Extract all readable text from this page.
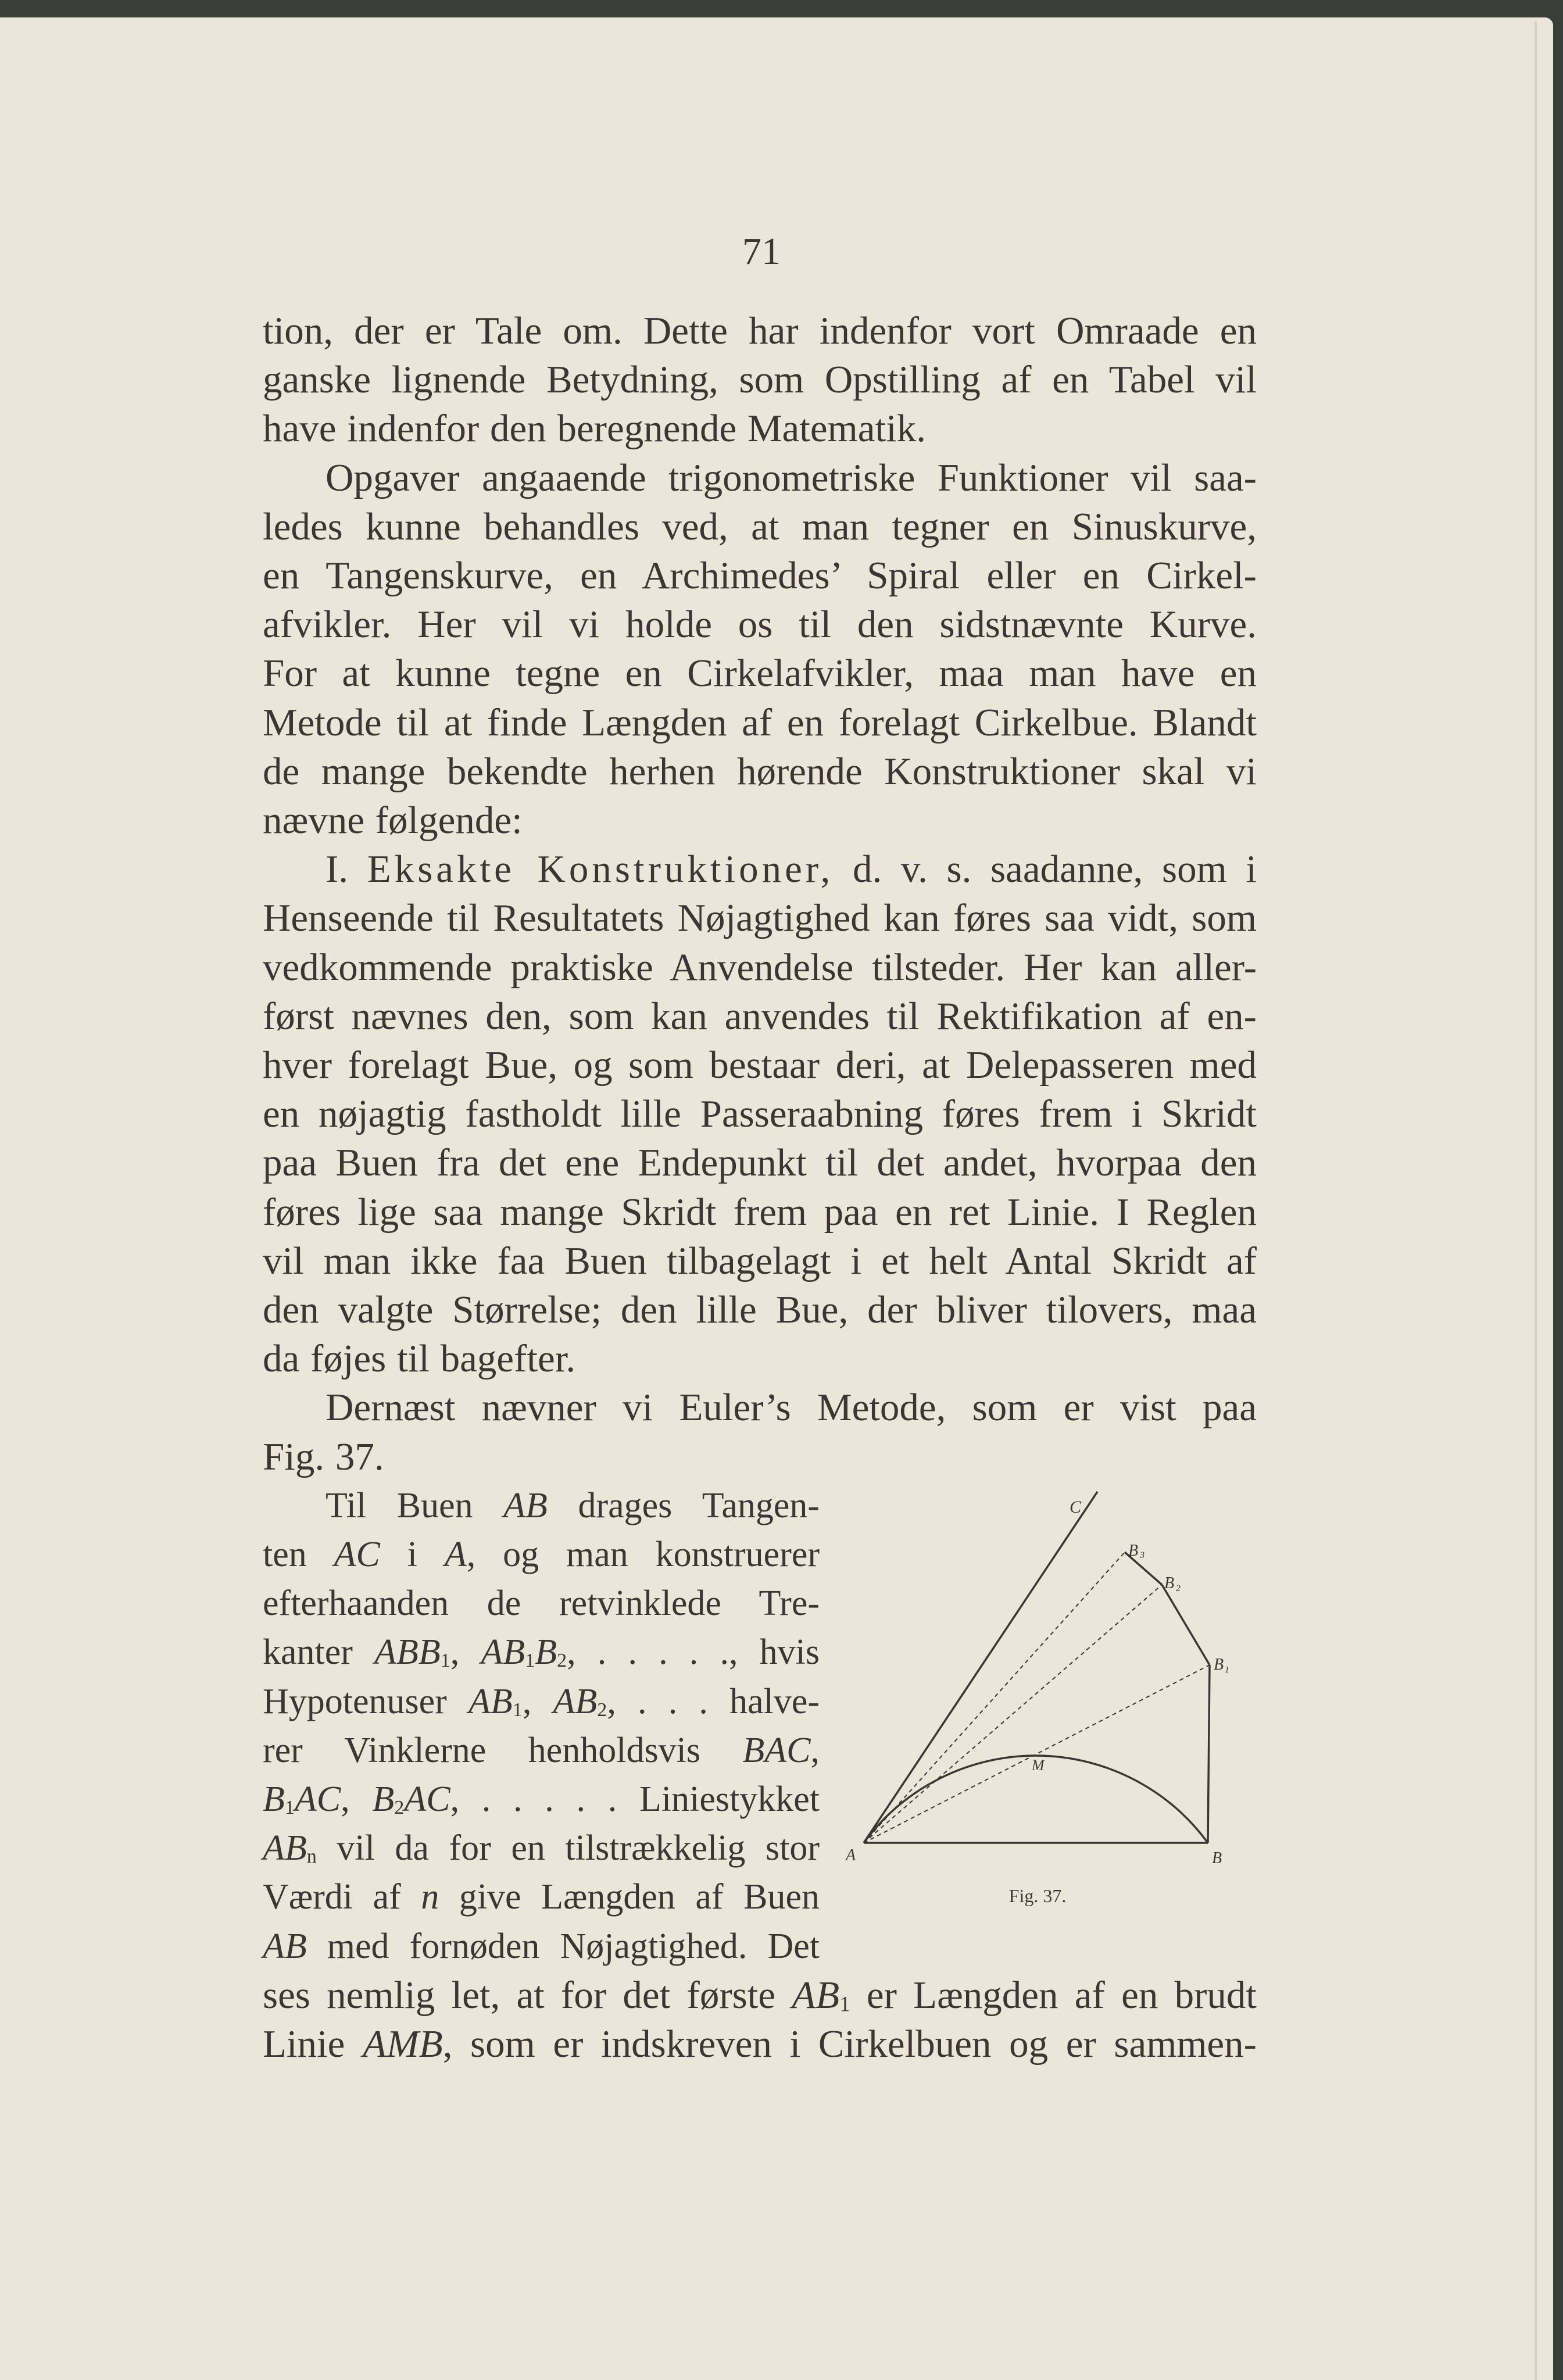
71
tion, der er Tale om. Dette har indenfor vort Omraade en
ganske lignende Betydning, som Opstilling af en Tabel vil
have indenfor den beregnende Matematik.
Opgaver angaaende trigonometriske Funktioner vil saa-
ledes kunne behandles ved, at man tegner en Sinuskurve,
en Tangenskurve, en Archimedes’ Spiral eller en Cirkel-
afvikler. Her vil vi holde os til den sidstnævnte Kurve.
For at kunne tegne en Cirkelafvikler, maa man have en
Metode til at finde Længden af en forelagt Cirkelbue. Blandt
de mange bekendte herhen hørende Konstruktioner skal vi
nævne følgende:
I. Eksakte Konstruktioner, d. v. s. saadanne, som i
Henseende til Resultatets Nøjagtighed kan føres saa vidt, som
vedkommende praktiske Anvendelse tilsteder. Her kan aller-
først nævnes den, som kan anvendes til Rektifikation af en-
hver forelagt Bue, og som bestaar deri, at Delepasseren med
en nøjagtig fastholdt lille Passeraabning føres frem i Skridt
paa Buen fra det ene Endepunkt til det andet, hvorpaa den
føres lige saa mange Skridt frem paa en ret Linie. I Reglen
vil man ikke faa Buen tilbagelagt i et helt Antal Skridt af
den valgte Størrelse; den lille Bue, der bliver tilovers, maa
da føjes til bagefter.
Dernæst nævner vi Euler’s Metode, som er vist paa
Fig. 37.
Til Buen AB drages Tangen-
ten AC i A, og man konstruerer
efterhaanden de retvinklede Tre-
kanter $ABB_1$, $AB_1B_2$, . . . . ., hvis
Hypotenuser $AB_1$, $AB_2$, . . . halve-
rer Vinklerne henholdsvis BAC,
$B_1AC$, $B_2AC$, . . . . . Liniestykket
$AB_n$ vil da for en tilstrækkelig stor
Værdi af n give Længden af Buen
AB med fornøden Nøjagtighed. Det
ses nemlig let, at for det første $AB_1$ er Længden af en brudt
Linie AMB, som er indskreven i Cirkelbuen og er sammen-
A	B
C
M
B 1
B 2
B 3
Fig. 37.
